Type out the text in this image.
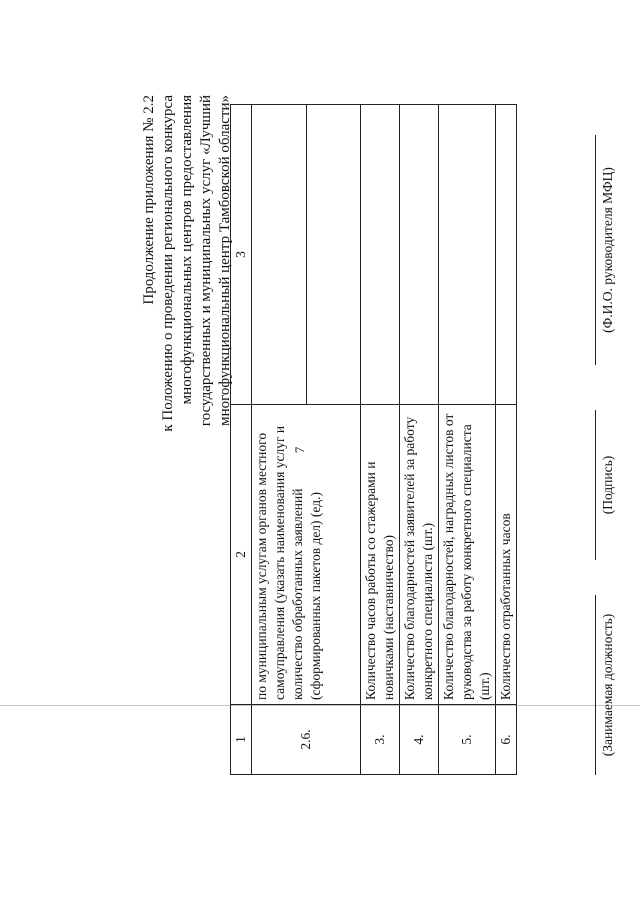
7

Продолжение приложения № 2.2 к Положению о проведении регионального конкурса многофункциональных центров предоставления государственных и муниципальных услуг «Лучший многофункциональный центр Тамбовской области»

1	2	3
2.6.	по муниципальным услугам органов местного самоуправления (указать наименования услуг и количество обработанных заявлений (сформированных пакетов дел) (ед.)	

3.	Количество часов работы со стажерами и новичками (наставничество)	
4.	Количество благодарностей заявителей за работу конкретного специалиста (шт.)	
5.	Количество благодарностей, наградных листов от руководства за работу конкретного специалиста (шт.)	
6.	Количество отработанных часов		(Занимаемая должность)
(Подпись)
(Ф.И.О. руководителя МФЦ)
